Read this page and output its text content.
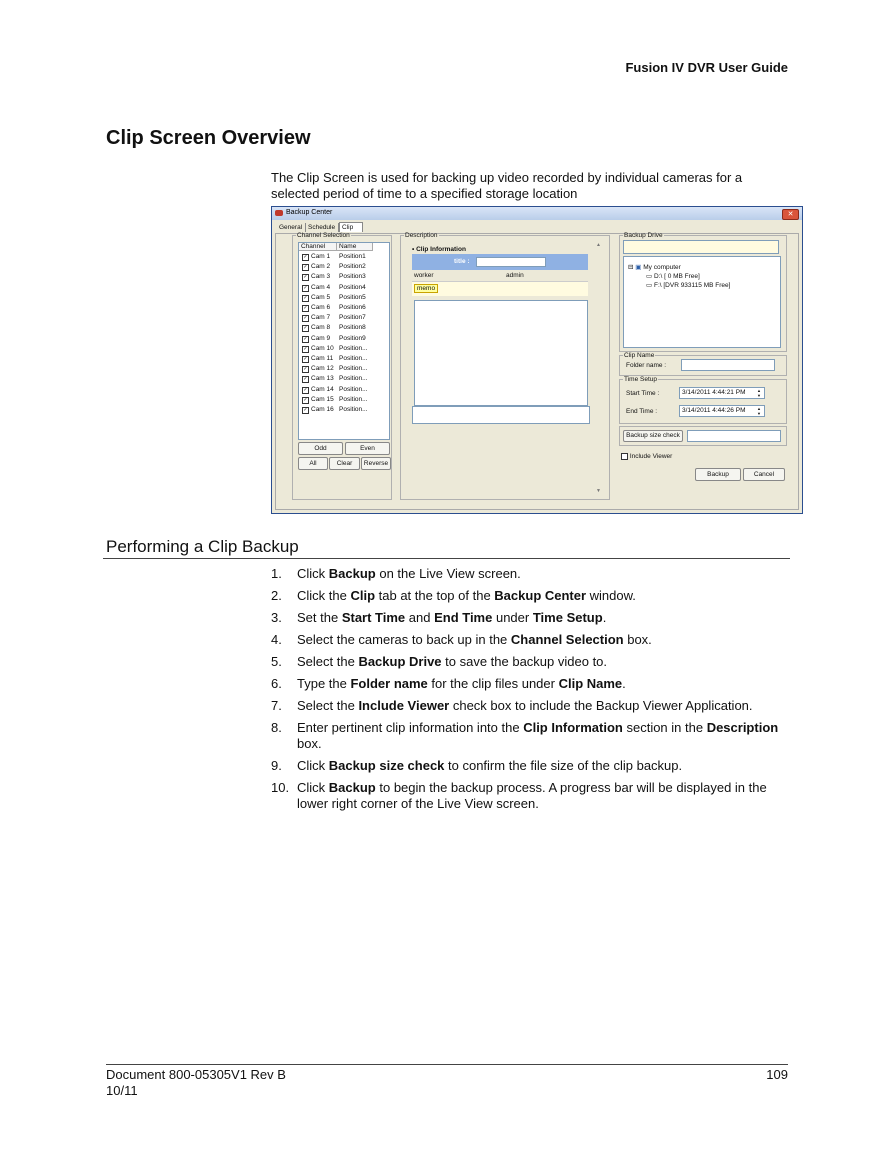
Fusion IV DVR User Guide
Clip Screen Overview
The Clip Screen is used for backing up video recorded by individual cameras for a selected period of time to a specified storage location
Backup Center	✕
General Schedule	Clip
Channel Selection
Channel	Name
✓ Cam 1 Position1
✓ Cam 2 Position2
✓ Cam 3 Position3
✓ Cam 4 Position4
✓ Cam 5 Position5
✓ Cam 6 Position6
✓ Cam 7 Position7
✓ Cam 8 Position8
✓ Cam 9 Position9
✓ Cam 10 Position...
✓ Cam 11 Position...
✓ Cam 12 Position...
✓ Cam 13 Position...
✓ Cam 14 Position...
✓ Cam 15 Position...
✓ Cam 16 Position...
Odd	Even
All	Clear	Reverse
Description
• Clip Information
title :
worker	admin
memo
▲
▼
Backup Drive
⊟ ▣ My computer
▭ D:\ [ 0 MB Free]
▭ F:\ [DVR 933115 MB Free]
Clip Name
Folder name :
Time Setup
Start Time :	3/14/2011 4:44:21 PM	▲
▼
End Time :	3/14/2011 4:44:26 PM	▲
▼
Backup size check
Include Viewer
Backup	Cancel
Performing a Clip Backup
1. Click Backup on the Live View screen.
2. Click the Clip tab at the top of the Backup Center window.
3. Set the Start Time and End Time under Time Setup.
4. Select the cameras to back up in the Channel Selection box.
5. Select the Backup Drive to save the backup video to.
6. Type the Folder name for the clip files under Clip Name.
7. Select the Include Viewer check box to include the Backup Viewer Application.
8. Enter pertinent clip information into the Clip Information section in the Description box.
9. Click Backup size check to confirm the file size of the clip backup.
10. Click Backup to begin the backup process. A progress bar will be displayed in the lower right corner of the Live View screen.
Document 800-05305V1 Rev B
10/11
109
